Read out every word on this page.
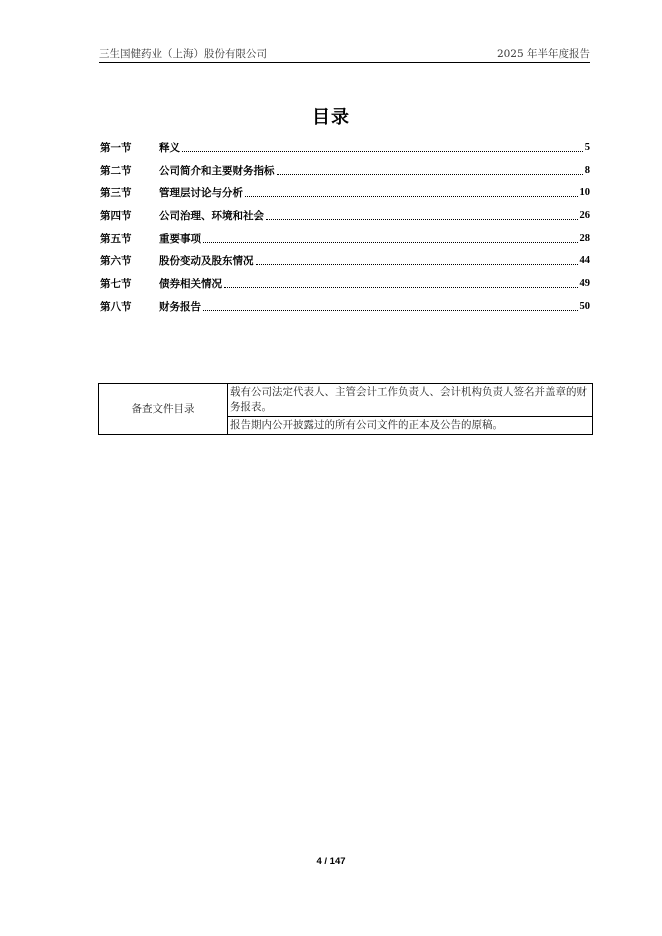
三生国健药业（上海）股份有限公司	2025 年半年度报告
目录
第一节	释义	5
第二节	公司简介和主要财务指标	8
第三节	管理层讨论与分析	10
第四节	公司治理、环境和社会	26
第五节	重要事项	28
第六节	股份变动及股东情况	44
第七节	债券相关情况	49
第八节	财务报告	50
备查文件目录	载有公司法定代表人、主管会计工作负责人、会计机构负责人签名并盖章的财务报表。
报告期内公开披露过的所有公司文件的正本及公告的原稿。
4 / 147
